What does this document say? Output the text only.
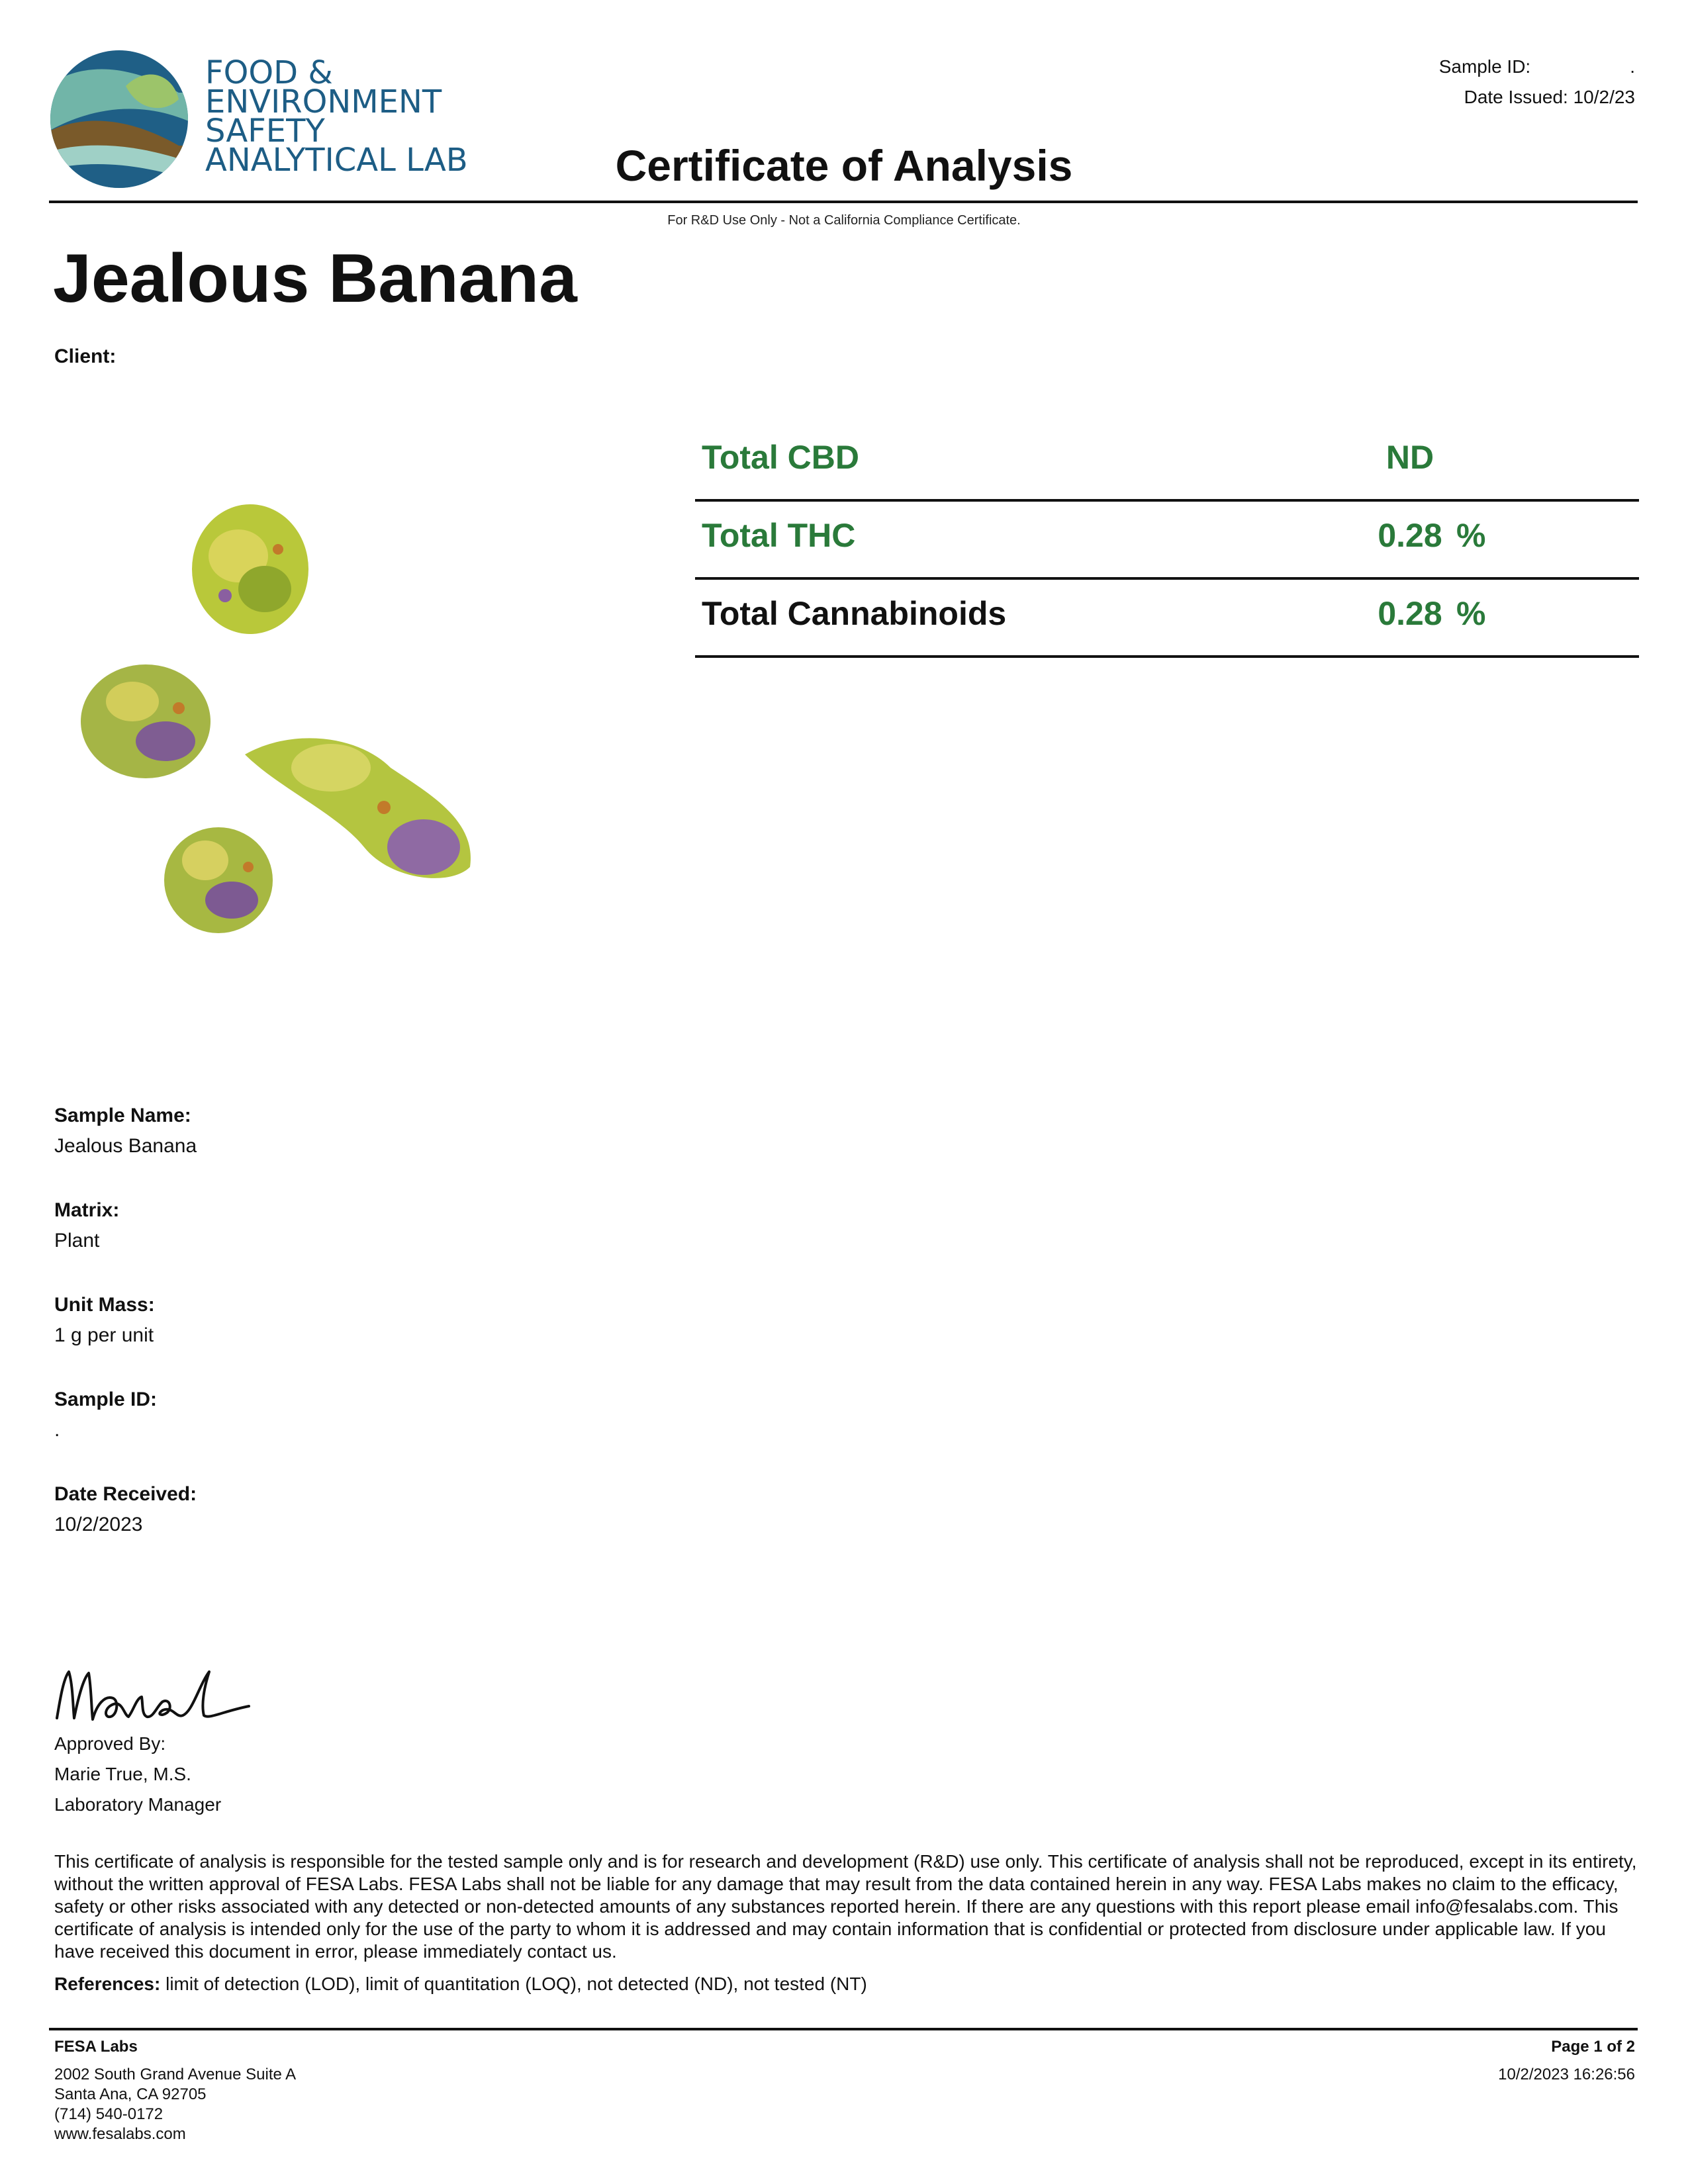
FOOD &
ENVIRONMENT
SAFETY
ANALYTICAL LAB
Sample ID:	.
Date Issued: 10/2/23
Certificate of Analysis
For R&D Use Only - Not a California Compliance Certificate.
Jealous Banana
Client:
Total CBD	ND
Total THC	0.28 %
Total Cannabinoids	0.28 %
Sample Name:
Jealous Banana
Matrix:
Plant
Unit Mass:
1 g per unit
Sample ID:
.
Date Received:
10/2/2023
Approved By:
Marie True, M.S.
Laboratory Manager
This certificate of analysis is responsible for the tested sample only and is for research and development (R&D) use only. This certificate of analysis shall not be reproduced, except in its entirety, without the written approval of FESA Labs. FESA Labs shall not be liable for any damage that may result from the data contained herein in any way. FESA Labs makes no claim to the efficacy, safety or other risks associated with any detected or non-detected amounts of any substances reported herein. If there are any questions with this report please email info@fesalabs.com. This certificate of analysis is intended only for the use of the party to whom it is addressed and may contain information that is confidential or protected from disclosure under applicable law. If you have received this document in error, please immediately contact us.
References: limit of detection (LOD), limit of quantitation (LOQ), not detected (ND), not tested (NT)
FESA Labs
2002 South Grand Avenue Suite A
Santa Ana, CA 92705
(714) 540-0172
www.fesalabs.com
Page 1 of 2
10/2/2023 16:26:56
